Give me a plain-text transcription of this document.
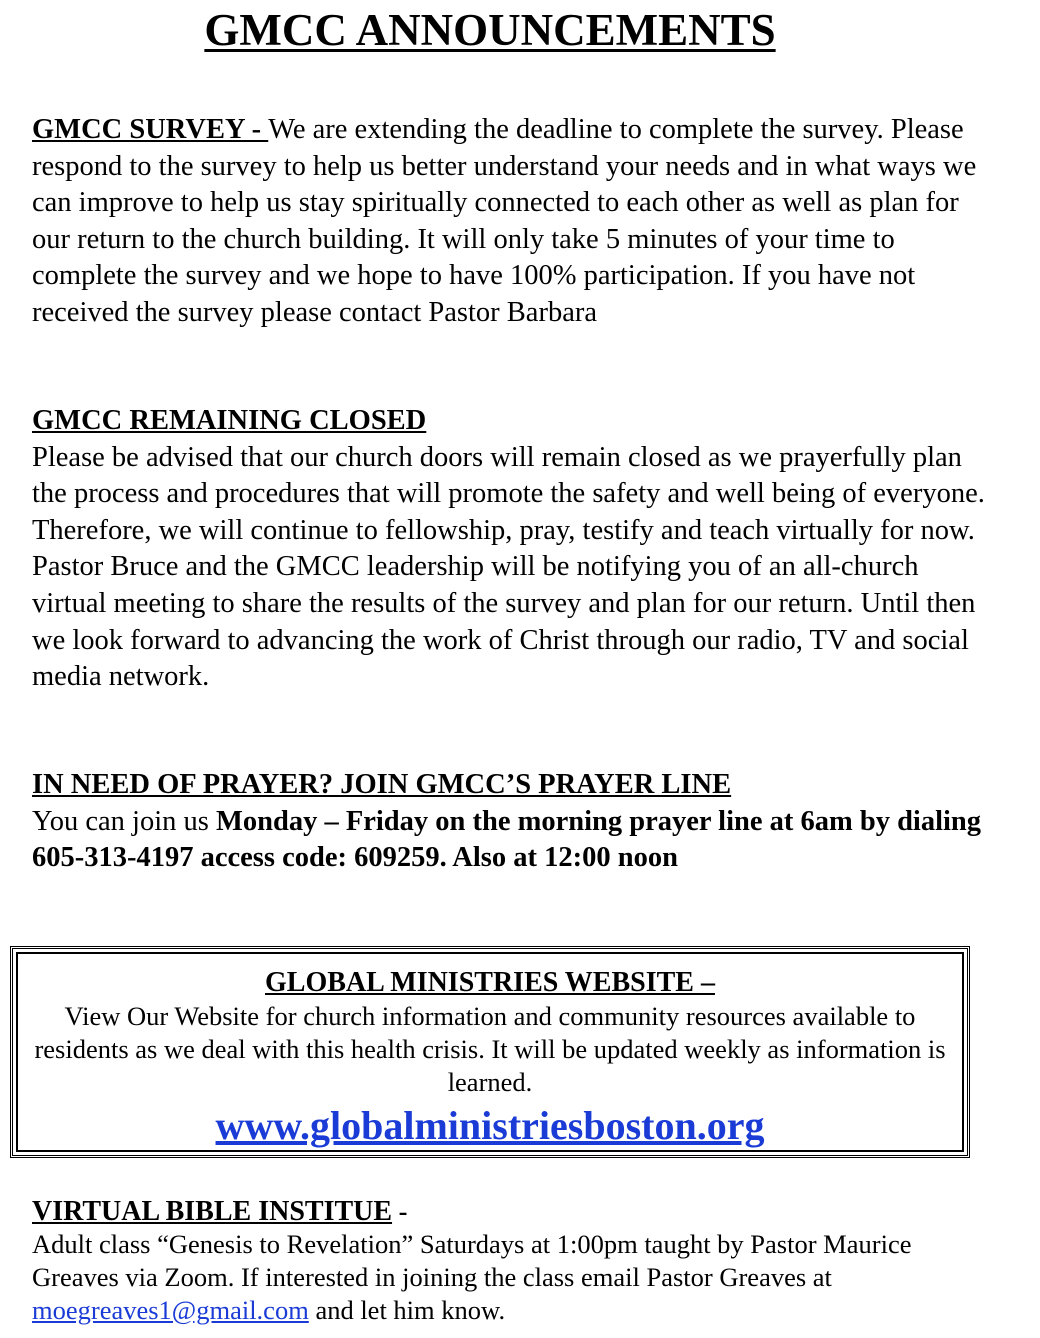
GMCC ANNOUNCEMENTS
GMCC SURVEY - We are extending the deadline to complete the survey. Please respond to the survey to help us better understand your needs and in what ways we can improve to help us stay spiritually connected to each other as well as plan for our return to the church building. It will only take 5 minutes of your time to complete the survey and we hope to have 100% participation. If you have not received the survey please contact Pastor Barbara
GMCC REMAINING CLOSED
Please be advised that our church doors will remain closed as we prayerfully plan the process and procedures that will promote the safety and well being of everyone. Therefore, we will continue to fellowship, pray, testify and teach virtually for now. Pastor Bruce and the GMCC leadership will be notifying you of an all-church virtual meeting to share the results of the survey and plan for our return. Until then we look forward to advancing the work of Christ through our radio, TV and social media network.
IN NEED OF PRAYER? JOIN GMCC’S PRAYER LINE
You can join us Monday – Friday on the morning prayer line at 6am by dialing 605-313-4197 access code: 609259. Also at 12:00 noon
GLOBAL MINISTRIES WEBSITE –
View Our Website for church information and community resources available to residents as we deal with this health crisis. It will be updated weekly as information is learned.
www.globalministriesboston.org
VIRTUAL BIBLE INSTITUE -
Adult class “Genesis to Revelation” Saturdays at 1:00pm taught by Pastor Maurice Greaves via Zoom. If interested in joining the class email Pastor Greaves at moegreaves1@gmail.com and let him know.
